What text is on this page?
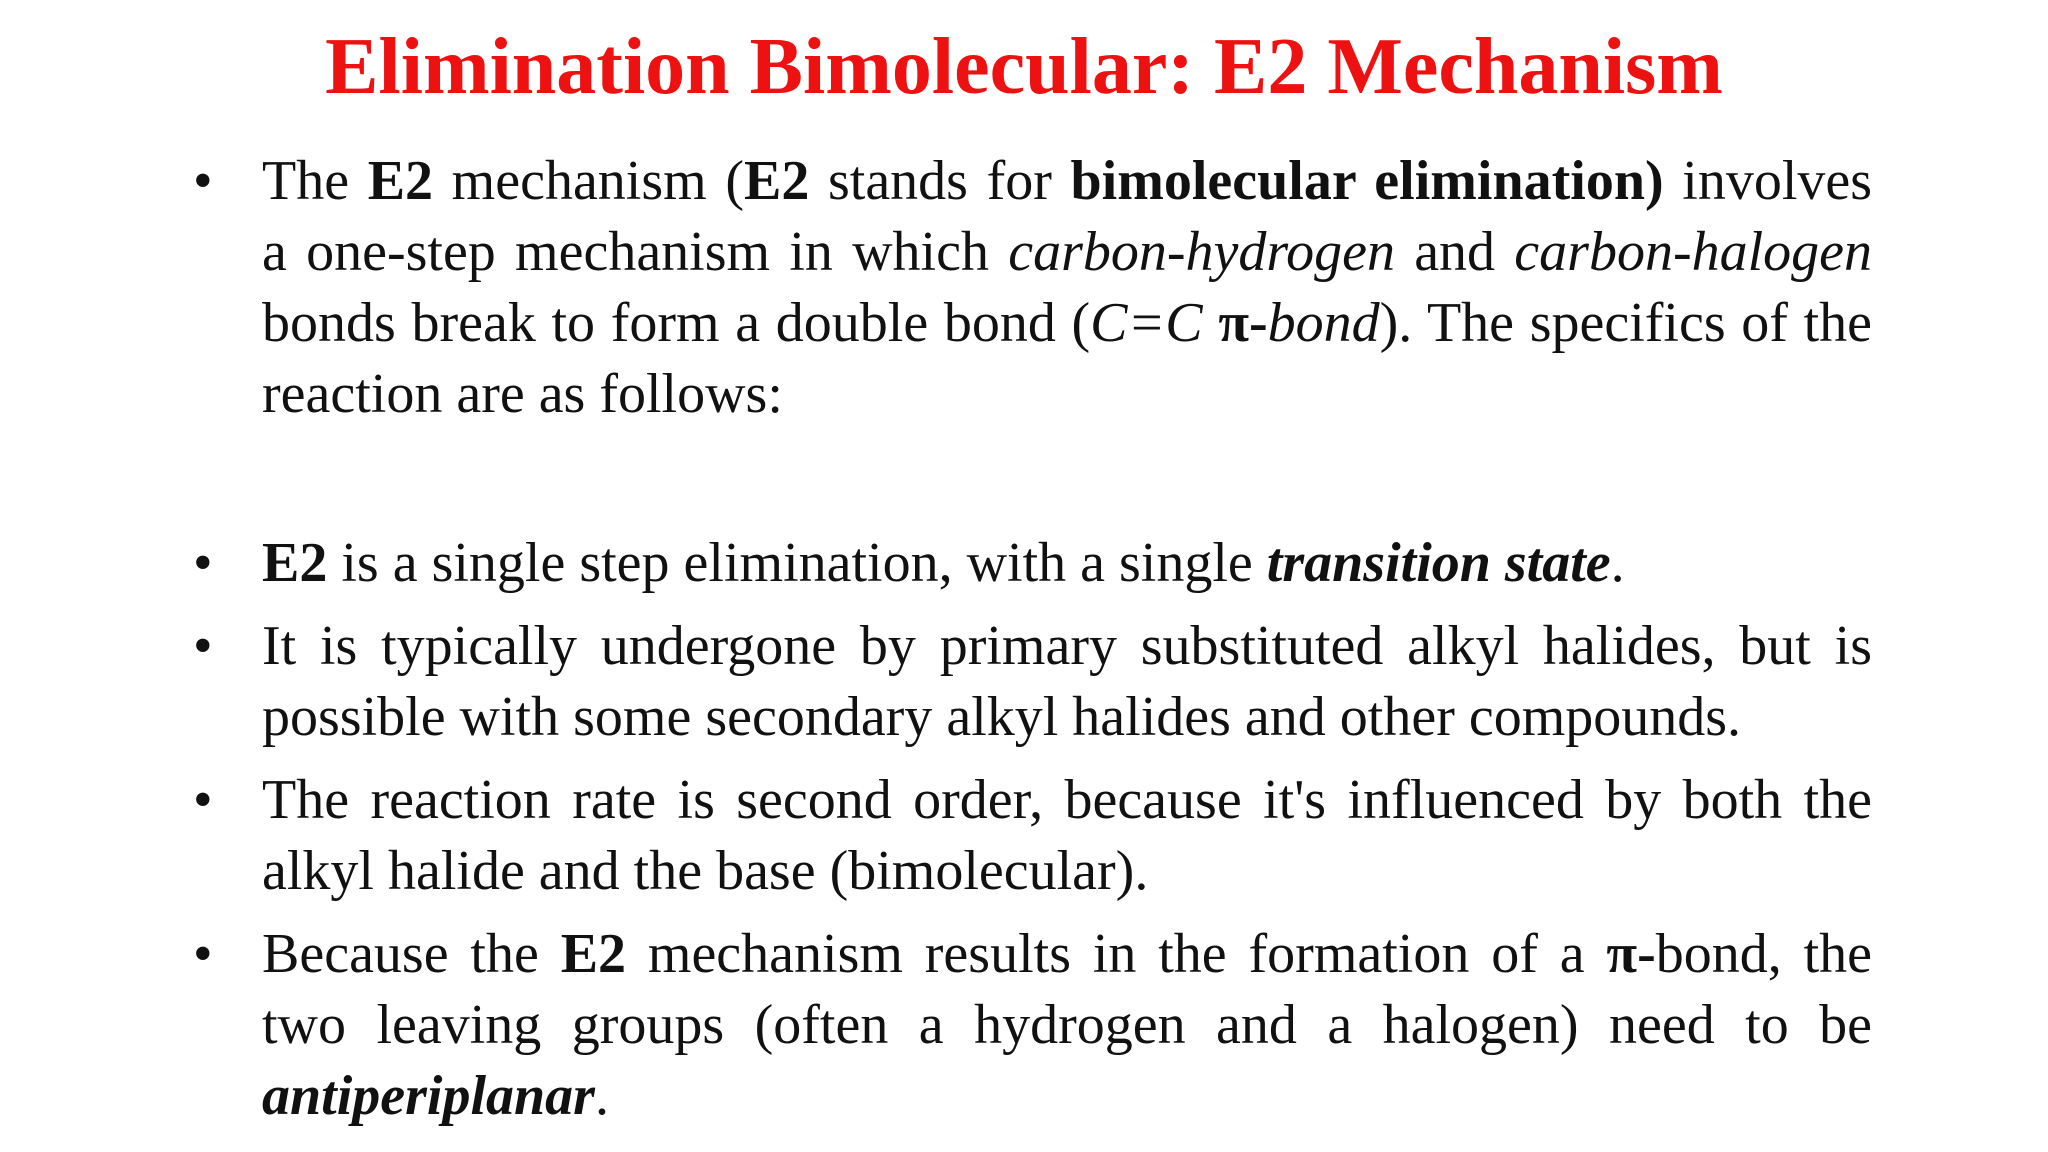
Elimination Bimolecular: E2 Mechanism
• The E2 mechanism (E2 stands for bimolecular elimination) involves a one-step mechanism in which carbon-hydrogen and carbon-halogen bonds break to form a double bond (C=C π-bond). The specifics of the reaction are as follows:
• E2 is a single step elimination, with a single transition state.
• It is typically undergone by primary substituted alkyl halides, but is possible with some secondary alkyl halides and other compounds.
• The reaction rate is second order, because it's influenced by both the alkyl halide and the base (bimolecular).
• Because the E2 mechanism results in the formation of a π-bond, the two leaving groups (often a hydrogen and a halogen) need to be antiperiplanar.
